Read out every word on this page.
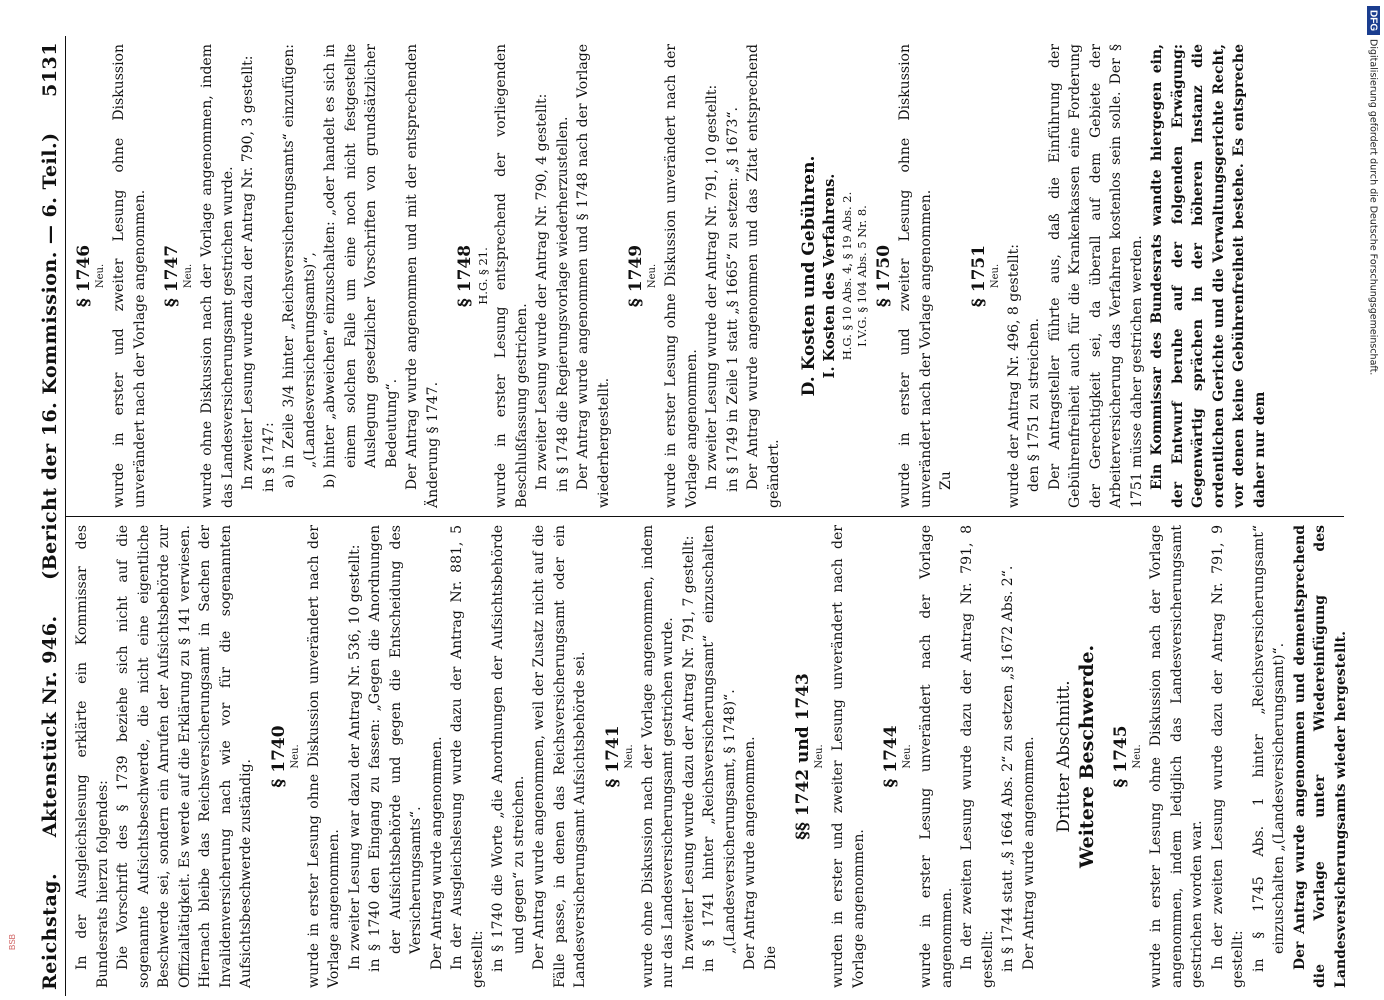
DFG
Digitalisierung gefördert durch die Deutsche Forschungsgemeinschaft.
BSB Reichstag.
Aktenstück Nr. 946.
(Bericht der 16. Kommission. — 6. Teil.)
5131

In der Ausgleichslesung erklärte ein Kommissar des Bundesrats hierzu folgendes: Die Vorschrift des § 1739 beziehe sich nicht auf die sogenannte Aufsichtsbeschwerde, die nicht eine eigentliche Beschwerde sei, sondern ein Anrufen der Aufsichtsbehörde zur Offizialtätigkeit. Es werde auf die Erklärung zu § 141 verwiesen. Hiernach bleibe das Reichsversicherungsamt in Sachen der Invalidenversicherung nach wie vor für die sogenannten Aufsichtsbeschwerde zuständig.

§ 1740 Neu. wurde in erster Lesung ohne Diskussion unverändert nach der Vorlage angenommen. In zweiter Lesung war dazu der Antrag Nr. 536, 10 gestellt: in § 1740 den Eingang zu fassen: „Gegen die Anordnungen der Aufsichtsbehörde und gegen die Entscheidung des Versicherungsamts“. Der Antrag wurde angenommen. In der Ausgleichslesung wurde dazu der Antrag Nr. 881, 5 gestellt: in § 1740 die Worte „die Anordnungen der Aufsichtsbehörde und gegen“ zu streichen. Der Antrag wurde angenommen, weil der Zusatz nicht auf die Fälle passe, in denen das Reichsversicherungsamt oder ein Landesversicherungsamt Aufsichtsbehörde sei. § 1741 Neu. wurde ohne Diskussion nach der Vorlage angenommen, indem nur das Landesversicherungsamt gestrichen wurde. In zweiter Lesung wurde dazu der Antrag Nr. 791, 7 gestellt: in § 1741 hinter „Reichsversicherungsamt“ einzuschalten „(Landesversicherungsamt, § 1748)“. Der Antrag wurde angenommen. Die

§§ 1742 und 1743 Neu. wurden in erster und zweiter Lesung unverändert nach der Vorlage angenommen.

§ 1744 Neu. wurde in erster Lesung unverändert nach der Vorlage angenommen. In der zweiten Lesung wurde dazu der Antrag Nr. 791, 8 gestellt: in § 1744 statt „§ 1664 Abs. 2“ zu setzen „§ 1672 Abs. 2“. Der Antrag wurde angenommen. Dritter Abschnitt. Weitere Beschwerde. § 1745 Neu. wurde in erster Lesung ohne Diskussion nach der Vorlage angenommen, indem lediglich das Landesversicherungsamt gestrichen worden war. In der zweiten Lesung wurde dazu der Antrag Nr. 791, 9 gestellt: in § 1745 Abs. 1 hinter „Reichsversicherungsamt“ einzuschalten „(Landesversicherungsamt)“. Der Antrag wurde angenommen und dementsprechend die Vorlage unter Wiedereinfügung des Landesversicherungsamts wieder hergestellt.

§ 1746 Neu. wurde in erster und zweiter Lesung ohne Diskussion unverändert nach der Vorlage angenommen. § 1747 Neu. wurde ohne Diskussion nach der Vorlage angenommen, indem das Landesversicherungsamt gestrichen wurde. In zweiter Lesung wurde dazu der Antrag Nr. 790, 3 gestellt: in § 1747: a) in Zeile 3/4 hinter „Reichsversicherungsamts“ einzufügen: „(Landesversicherungsamts)“, b) hinter „abweichen“ einzuschalten: „oder handelt es sich in einem solchen Falle um eine noch nicht festgestellte Auslegung gesetzlicher Vorschriften von grundsätzlicher Bedeutung“. Der Antrag wurde angenommen und mit der entsprechenden Änderung § 1747.

§ 1748 H.G. § 21. wurde in erster Lesung entsprechend der vorliegenden Beschlußfassung gestrichen. In zweiter Lesung wurde der Antrag Nr. 790, 4 gestellt: in § 1748 die Regierungsvorlage wiederherzustellen. Der Antrag wurde angenommen und § 1748 nach der Vorlage wiederhergestellt.

§ 1749 Neu. wurde in erster Lesung ohne Diskussion unverändert nach der Vorlage angenommen. In zweiter Lesung wurde der Antrag Nr. 791, 10 gestellt: in § 1749 in Zeile 1 statt „§ 1665“ zu setzen: „§ 1673“. Der Antrag wurde angenommen und das Zitat entsprechend geändert.

D. Kosten und Gebühren. I. Kosten des Verfahrens. H.G. § 10 Abs. 4, § 19 Abs. 2. I.V.G. § 104 Abs. 5 Nr. 8. § 1750 wurde in erster und zweiter Lesung ohne Diskussion unverändert nach der Vorlage angenommen. Zu

§ 1751 Neu. wurde der Antrag Nr. 496, 8 gestellt: den § 1751 zu streichen. Der Antragsteller führte aus, daß die Einführung der Gebührenfreiheit auch für die Krankenkassen eine Forderung der Gerechtigkeit sei, da überall auf dem Gebiete der Arbeiterversicherung das Verfahren kostenlos sein solle. Der § 1751 müsse daher gestrichen werden. Ein Kommissar des Bundesrats wandte hiergegen ein, der Entwurf beruhe auf der folgenden Erwägung: Gegenwärtig sprächen in der höheren Instanz die ordentlichen Gerichte und die Verwaltungsgerichte Recht, vor denen keine Gebührenfreiheit bestehe. Es entspreche daher nur dem
